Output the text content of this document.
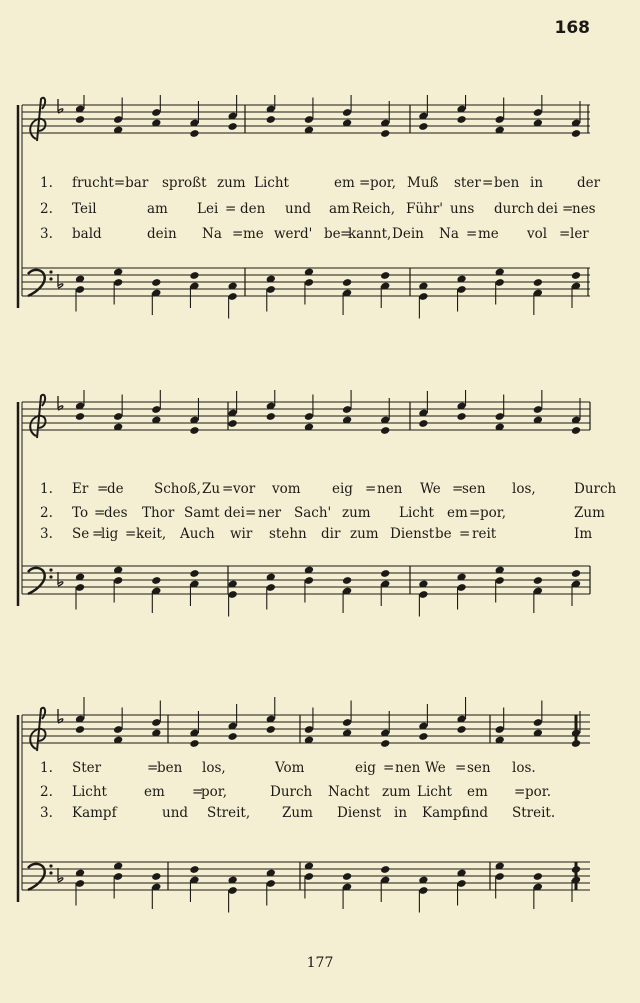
168
1. frucht=bar sproßt zum Licht	em = por, Muß ster = ben in	der
2. Teil	am Lei = den und am Reich, Führ' uns durch dei =
nes
3. bald	dein Na = me werd' be =
kannt, Dein Na = me vol = ler
1. Er =
de Schoß, Zu = vor vom eig = nen We =
sen los,	Durch
2. To =
des Thor Samt dei = ner Sach' zum Licht em = por,	Zum
3. Se =
lig = keit, Auch wir stehn dir zum Dienst be = reit	Im
1. Ster	=
ben los,	Vom	eig = nen We = sen los.
2. Licht	em =
por,	Durch Nacht zum Licht em = por.
3. Kampf	und Streit, Zum Dienst in Kampf
und Streit.
177
